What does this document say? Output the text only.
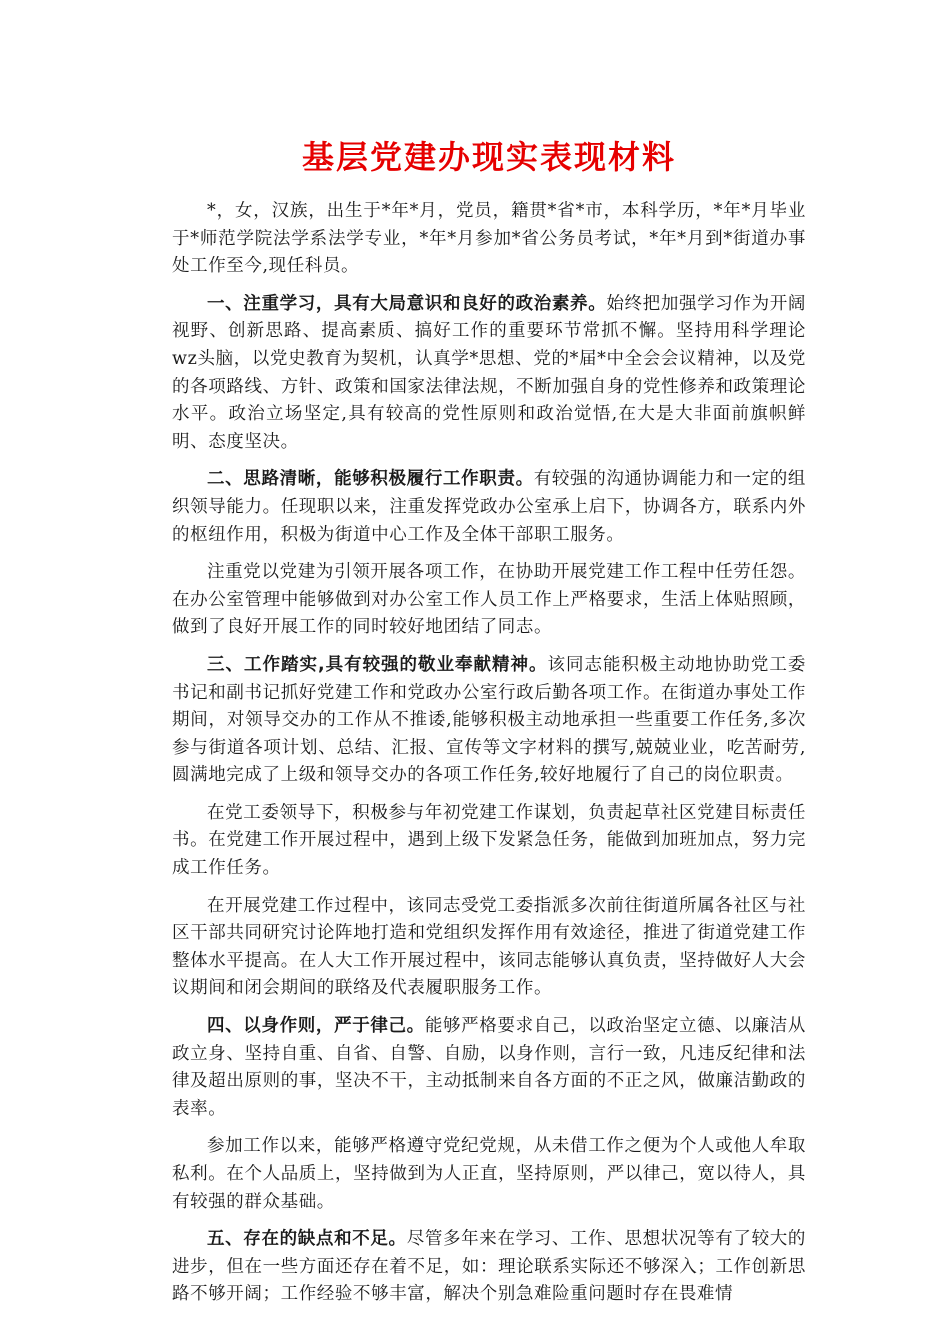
基层党建办现实表现材料

*，女，汉族，出生于*年*月，党员，籍贯*省*市，本科学历，*年*月毕业于*师范学院法学系法学专业，*年*月参加*省公务员考试，*年*月到*街道办事处工作至今,现任科员。

一、注重学习，具有大局意识和良好的政治素养。始终把加强学习作为开阔视野、创新思路、提高素质、搞好工作的重要环节常抓不懈。坚持用科学理论wz头脑，以党史教育为契机，认真学*思想、党的*届*中全会会议精神，以及党的各项路线、方针、政策和国家法律法规，不断加强自身的党性修养和政策理论水平。政治立场坚定,具有较高的党性原则和政治觉悟,在大是大非面前旗帜鲜明、态度坚决。

二、思路清晰，能够积极履行工作职责。有较强的沟通协调能力和一定的组织领导能力。任现职以来，注重发挥党政办公室承上启下，协调各方，联系内外的枢纽作用，积极为街道中心工作及全体干部职工服务。

注重党以党建为引领开展各项工作，在协助开展党建工作工程中任劳任怨。在办公室管理中能够做到对办公室工作人员工作上严格要求，生活上体贴照顾，做到了良好开展工作的同时较好地团结了同志。

三、工作踏实,具有较强的敬业奉献精神。该同志能积极主动地协助党工委书记和副书记抓好党建工作和党政办公室行政后勤各项工作。在街道办事处工作期间，对领导交办的工作从不推诿,能够积极主动地承担一些重要工作任务,多次参与街道各项计划、总结、汇报、宣传等文字材料的撰写,兢兢业业，吃苦耐劳,圆满地完成了上级和领导交办的各项工作任务,较好地履行了自己的岗位职责。

在党工委领导下，积极参与年初党建工作谋划，负责起草社区党建目标责任书。在党建工作开展过程中，遇到上级下发紧急任务，能做到加班加点，努力完成工作任务。

在开展党建工作过程中，该同志受党工委指派多次前往街道所属各社区与社区干部共同研究讨论阵地打造和党组织发挥作用有效途径，推进了街道党建工作整体水平提高。在人大工作开展过程中，该同志能够认真负责，坚持做好人大会议期间和闭会期间的联络及代表履职服务工作。

四、以身作则，严于律己。能够严格要求自己，以政治坚定立德、以廉洁从政立身、坚持自重、自省、自警、自励，以身作则，言行一致，凡违反纪律和法律及超出原则的事，坚决不干，主动抵制来自各方面的不正之风，做廉洁勤政的表率。

参加工作以来，能够严格遵守党纪党规，从未借工作之便为个人或他人牟取私利。在个人品质上，坚持做到为人正直，坚持原则，严以律己，宽以待人，具有较强的群众基础。

五、存在的缺点和不足。尽管多年来在学习、工作、思想状况等有了较大的进步，但在一些方面还存在着不足，如：理论联系实际还不够深入；工作创新思路不够开阔；工作经验不够丰富，解决个别急难险重问题时存在畏难情
